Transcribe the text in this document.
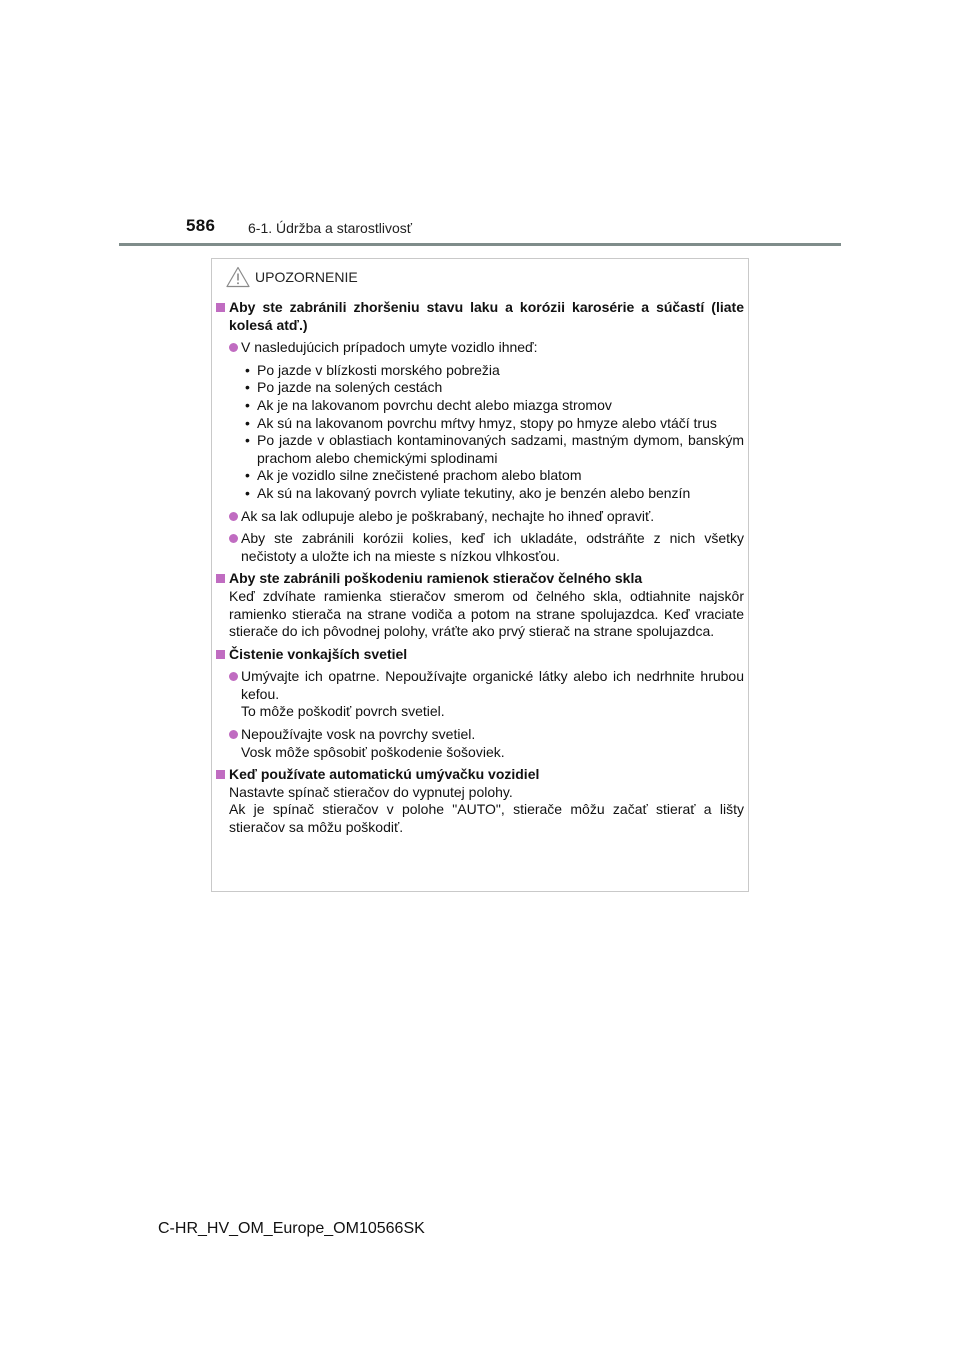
586 6-1. Údržba a starostlivosť
UPOZORNENIE
Aby ste zabránili zhoršeniu stavu laku a korózii karosérie a súčastí (liate kolesá atď.)
V nasledujúcich prípadoch umyte vozidlo ihneď:
• Po jazde v blízkosti morského pobrežia
• Po jazde na solených cestách
• Ak je na lakovanom povrchu decht alebo miazga stromov
• Ak sú na lakovanom povrchu mŕtvy hmyz, stopy po hmyze alebo vtáčí trus
• Po jazde v oblastiach kontaminovaných sadzami, mastným dymom, banským prachom alebo chemickými splodinami
• Ak je vozidlo silne znečistené prachom alebo blatom
• Ak sú na lakovaný povrch vyliate tekutiny, ako je benzén alebo benzín
Ak sa lak odlupuje alebo je poškrabaný, nechajte ho ihneď opraviť.
Aby ste zabránili korózii kolies, keď ich ukladáte, odstráňte z nich všetky nečistoty a uložte ich na mieste s nízkou vlhkosťou.
Aby ste zabránili poškodeniu ramienok stieračov čelného skla
Keď zdvíhate ramienka stieračov smerom od čelného skla, odtiahnite najskôr ramienko stierača na strane vodiča a potom na strane spolujazdca. Keď vraciate stierače do ich pôvodnej polohy, vráťte ako prvý stierač na strane spolujazdca.
Čistenie vonkajších svetiel
Umývajte ich opatrne. Nepoužívajte organické látky alebo ich nedrhnite hrubou kefou.
To môže poškodiť povrch svetiel.
Nepoužívajte vosk na povrchy svetiel.
Vosk môže spôsobiť poškodenie šošoviek.
Keď používate automatickú umývačku vozidiel
Nastavte spínač stieračov do vypnutej polohy.
Ak je spínač stieračov v polohe "AUTO", stierače môžu začať stierať a lišty stieračov sa môžu poškodiť.
C-HR_HV_OM_Europe_OM10566SK
